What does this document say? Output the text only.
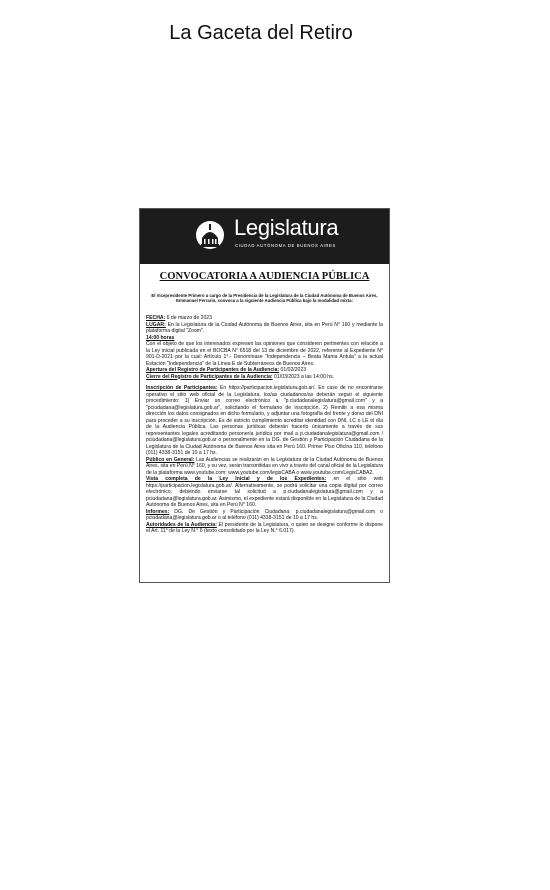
La Gaceta del Retiro
Legislatura
CIUDAD AUTÓNOMA DE BUENOS AIRES
CONVOCATORIA A AUDIENCIA PÚBLICA

El Vicepresidente Primero a cargo de la Presidencia de la Legislatura de la Ciudad Autónoma de Buenos Aires, Emmanuel Ferrario, convoca a la siguiente Audiencia Pública bajo la modalidad mixta:

FECHA: 6 de marzo de 2023

LUGAR: En la Legislatura de la Ciudad Autónoma de Buenos Aires, sita en Perú N° 160 y mediante la plataforma digital "Zoom".

14:00 horas

Con el objeto de que los interesados expresen las opiniones que consideren pertinentes con relación a la Ley inicial publicada en el BOCBA N° 6518 del 13 de diciembre de 2022, referente al Expediente N° 901-D-2021 por la cual: Artículo 1°.- Denomínase "Independencia – Beata Mama Antula" a la actual Estación "Independencia" de la Línea E de Subterráneos de Buenos Aires.

Apertura del Registro de Participantes de la Audiencia: 01/02/2023

Cierre del Registro de Participantes de la Audiencia: 01/03/2023 a las 14:00 hs.

Inscripción de Participantes: En https://participacion.legislatura.gob.ar/. En caso de no encontrarse operativo el sitio web oficial de la Legislatura, los/as ciudadanos/as deberán seguir el siguiente procedimiento: 1) Enviar un correo electrónico a "p.ciudadanalegislatura@gmail.com" y a "pciudadana@legislatura.gob.ar", solicitando el formulario de inscripción. 2) Remitir a esa misma dirección los datos consignados en dicho formulario, y adjuntar una fotografía del frente y dorso del DNI para proceder a su inscripción. Es de estricto cumplimiento acreditar identidad con DNI, LC o LE el día de la Audiencia Pública. Las personas jurídicas deberán hacerlo únicamente a través de sus representantes legales acreditando personería jurídica por mail a p.ciudadanalegislatura@gmail.com / pciudadana@legislatura.gob.ar o personalmente en la DG. de Gestión y Participación Ciudadana de la Legislatura de la Ciudad Autónoma de Buenos Aires sita en Perú 160. Primer Piso Oficina 110, teléfono (011) 4338-3151 de 10 a 17 hs.

Público en General: Las Audiencias se realizarán en la Legislatura de la Ciudad Autónoma de Buenos Aires, sita en Perú N° 160, y su vez, serán transmitidas en vivo a través del canal oficial de la Legislatura de la plataforma www.youtube.com: www.youtube.com/legisCABA o www.youtube.com/LegisCABA2.

Vista completa de la Ley Inicial y de los Expedientes: en el sitio web https://participacion.legislatura.gob.ar/. Alternativamente, se podrá solicitar una copia digital por correo electrónico, debiendo enviarse tal solicitud a p.ciudadanalegislatura@gmail.com y a pciudadana@legislatura.gob.ar. Asimismo, el expediente estará disponible en la Legislatura de la Ciudad Autónoma de Buenos Aires, sita en Perú N° 160.

Informes: DG. De Gestión y Participación Ciudadana: p.ciudadanalegislatura@gmail.com o pciudadana@legislatura.gob.ar o al teléfono (011) 4338-3151 de 10 a 17 hs.

Autoridades de la Audiencia: El presidente de la Legislatura, o quien se designe conforme lo dispone el Art. 11° de la Ley N.° 6 (texto consolidado por la Ley N.° 6.017).
